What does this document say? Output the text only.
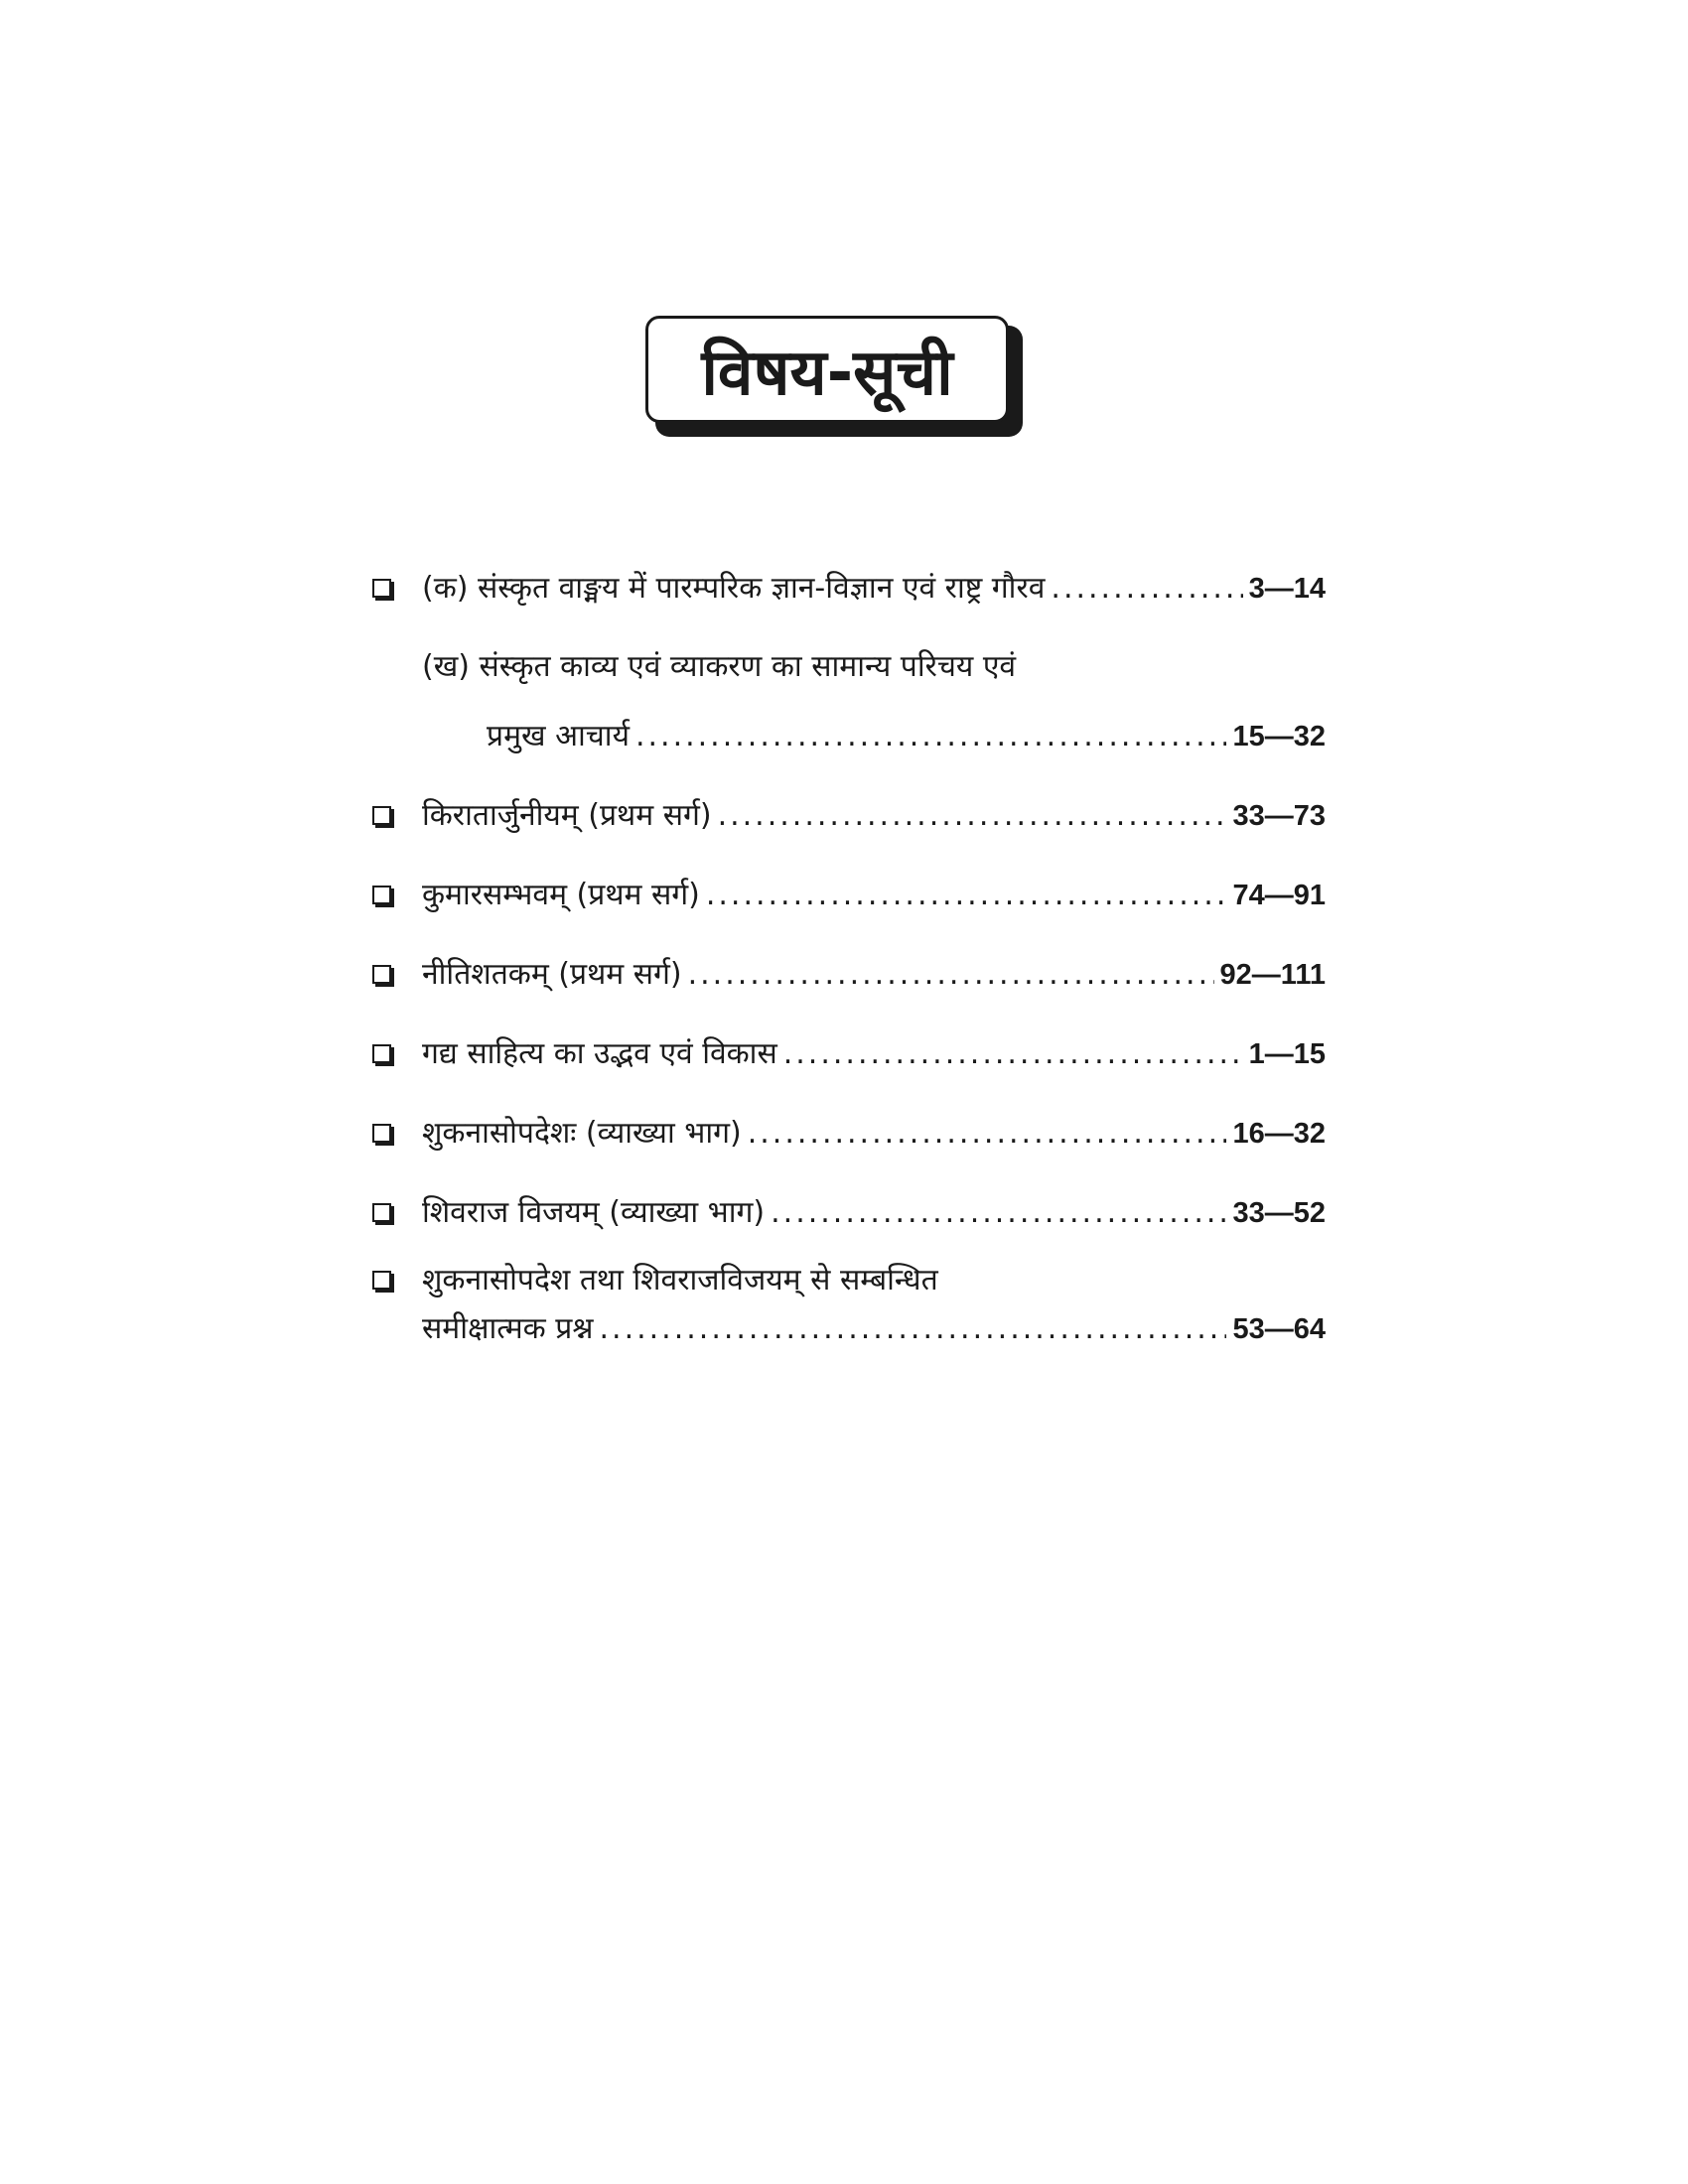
विषय-सूची
(क) संस्कृत वाङ्मय में पारम्परिक ज्ञान-विज्ञान एवं राष्ट्र गौरव .....	3—14
(ख) संस्कृत काव्य एवं व्याकरण का सामान्य परिचय एवं
प्रमुख आचार्य .....	15—32
किरातार्जुनीयम् (प्रथम सर्ग) .....	33—73
कुमारसम्भवम् (प्रथम सर्ग) .....	74—91
नीतिशतकम् (प्रथम सर्ग) .....	92—111
गद्य साहित्य का उद्भव एवं विकास .....	1—15
शुकनासोपदेशः (व्याख्या भाग) .....	16—32
शिवराज विजयम् (व्याख्या भाग) .....	33—52
शुकनासोपदेश तथा शिवराजविजयम् से सम्बन्धित
समीक्षात्मक प्रश्न .....	53—64
